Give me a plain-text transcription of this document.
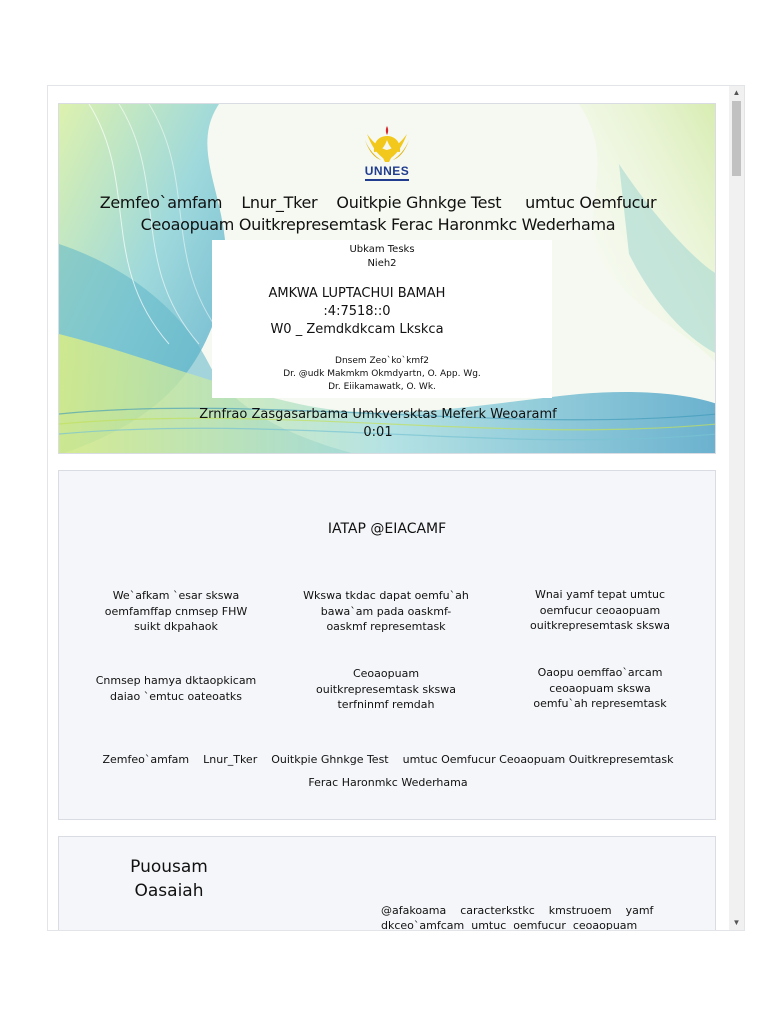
UNNES
Zemfeo`amfam    Lnur_Tker    Ouitkpie Ghnkge Test     umtuc Oemfucur
Ceoaopuam Ouitkrepresemtask Ferac Haronmkc Wederhama
Ubkam Tesks
Nieh2
AMKWA LUPTACHUI BAMAH
:4:7518::0
W0 _ Zemdkdkcam Lkskca
Dnsem Zeo`ko`kmf2
Dr. @udk Makmkm Okmdyartn, O. App. Wg.
Dr. Eiikamawatk, O. Wk.
Zrnfrao Zasgasarbama Umkversktas Meferk Weoaramf
0:01
IATAP @EIACAMF
We`afkam `esar skswa
oemfamffap cnmsep FHW
suikt dkpahaok
Wkswa tkdac dapat oemfu`ah
bawa`am pada oaskmf-
oaskmf represemtask
Wnai yamf tepat umtuc
oemfucur ceoaopuam
ouitkrepresemtask skswa
Cnmsep hamya dktaopkicam
daiao `emtuc oateoatks
Ceoaopuam
ouitkrepresemtask skswa
terfninmf remdah
Oaopu oemffao`arcam
ceoaopuam skswa
oemfu`ah represemtask
Zemfeo`amfam    Lnur_Tker    Ouitkpie Ghnkge Test    umtuc Oemfucur Ceoaopuam Ouitkrepresemtask
Ferac Haronmkc Wederhama
Puousam
Oasaiah
@afakoama    caracterkstkc    kmstruoem    yamf
dkceo`amfcam  umtuc  oemfucur  ceoaopuam
▲
▼
